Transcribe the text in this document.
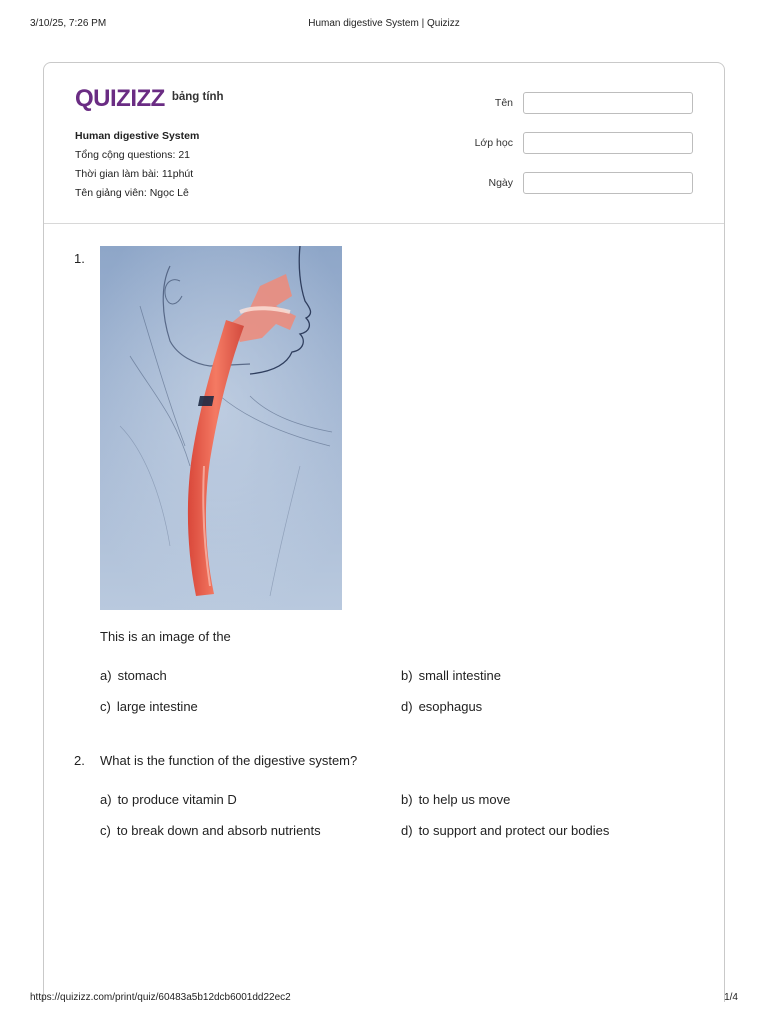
3/10/25, 7:26 PM	Human digestive System | Quizizz
QUIZIZZ bảng tính
Human digestive System
Tổng cộng questions: 21
Thời gian làm bài: 11phút
Tên giảng viên: Ngọc Lê
Tên
Lớp học
Ngày
1.
This is an image of the
a) stomach	b) small intestine
c) large intestine	d) esophagus
2. What is the function of the digestive system?
a) to produce vitamin D	b) to help us move
c) to break down and absorb nutrients	d) to support and protect our bodies
https://quizizz.com/print/quiz/60483a5b12dcb6001dd22ec2	1/4
